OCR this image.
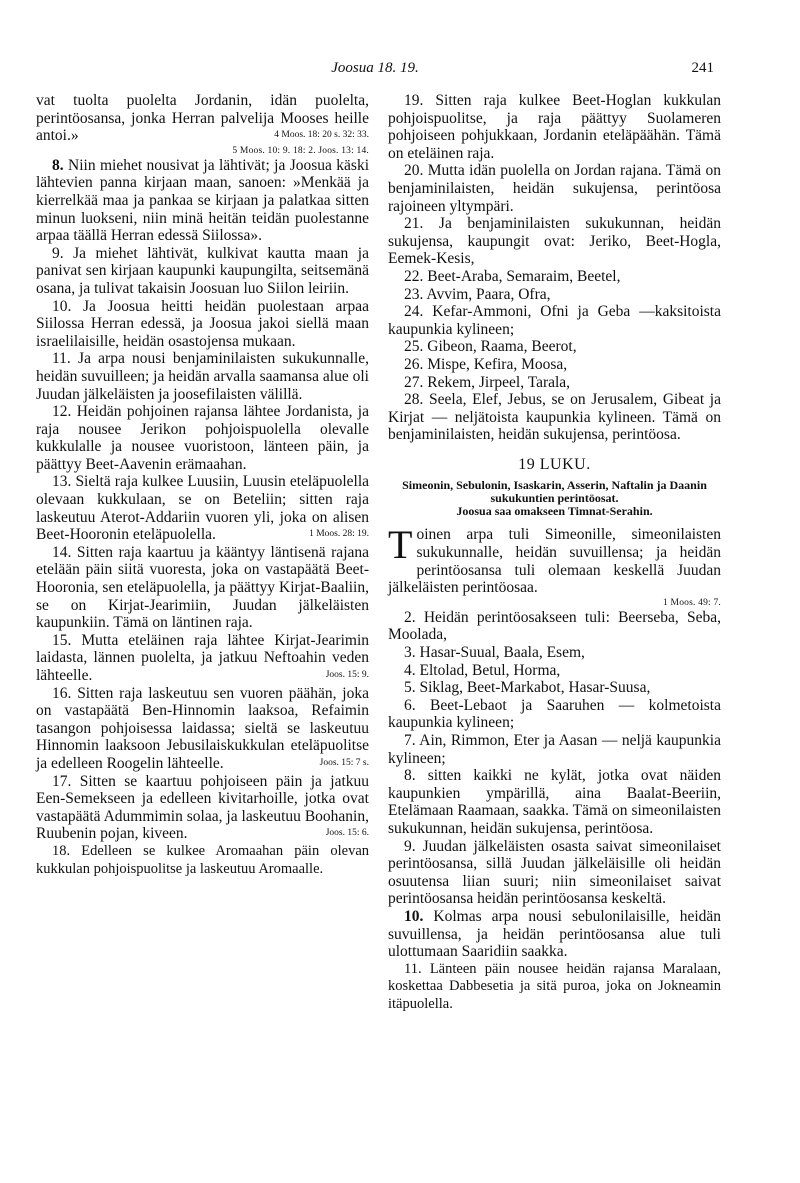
Joosua 18. 19.	241

vat tuolta puolelta Jordanin, idän puolelta, perintöosansa, jonka Herran palvelija Mooses heille antoi.»	4 Moos. 18: 20 s. 32: 33.

5 Moos. 10: 9. 18: 2. Joos. 13: 14.

8. Niin miehet nousivat ja lähtivät; ja Joosua käski lähtevien panna kirjaan maan, sanoen: »Menkää ja kierrelkää maa ja pankaa se kirjaan ja palatkaa sitten minun luokseni, niin minä heitän teidän puolestanne arpaa täällä Herran edessä Siilossa».

9. Ja miehet lähtivät, kulkivat kautta maan ja panivat sen kirjaan kaupunki kaupungilta, seitsemänä osana, ja tulivat takaisin Joosuan luo Siilon leiriin.

10. Ja Joosua heitti heidän puolestaan arpaa Siilossa Herran edessä, ja Joosua jakoi siellä maan israelilaisille, heidän osastojensa mukaan.

11. Ja arpa nousi benjaminilaisten sukukunnalle, heidän suvuilleen; ja heidän arvalla saamansa alue oli Juudan jälkeläisten ja joosefilaisten välillä.

12. Heidän pohjoinen rajansa lähtee Jordanista, ja raja nousee Jerikon pohjoispuolella olevalle kukkulalle ja nousee vuoristoon, länteen päin, ja päättyy Beet-Aavenin erämaahan.

13. Sieltä raja kulkee Luusiin, Luusin eteläpuolella olevaan kukkulaan, se on Beteliin; sitten raja laskeutuu Aterot-Addariin vuoren yli, joka on alisen Beet-Hooronin eteläpuolella.	1 Moos. 28: 19.

14. Sitten raja kaartuu ja kääntyy läntisenä rajana etelään päin siitä vuoresta, joka on vastapäätä Beet-Hooronia, sen eteläpuolella, ja päättyy Kirjat-Baaliin, se on Kirjat-Jearimiin, Juudan jälkeläisten kaupunkiin. Tämä on läntinen raja.

15. Mutta eteläinen raja lähtee Kirjat-Jearimin laidasta, lännen puolelta, ja jatkuu Neftoahin veden lähteelle.	Joos. 15: 9.

16. Sitten raja laskeutuu sen vuoren päähän, joka on vastapäätä Ben-Hinnomin laaksoa, Refaimin tasangon pohjoisessa laidassa; sieltä se laskeutuu Hinnomin laaksoon Jebusilaiskukkulan eteläpuolitse ja edelleen Roogelin lähteelle.	Joos. 15: 7 s.

17. Sitten se kaartuu pohjoiseen päin ja jatkuu Een-Semekseen ja edelleen kivitarhoille, jotka ovat vastapäätä Adummimin solaa, ja laskeutuu Boohanin, Ruubenin pojan, kiveen.	Joos. 15: 6.

18. Edelleen se kulkee Aromaahan päin olevan kukkulan pohjoispuolitse ja laskeutuu Aromaalle.

19. Sitten raja kulkee Beet-Hoglan kukkulan pohjoispuolitse, ja raja päättyy Suolameren pohjoiseen pohjukkaan, Jordanin eteläpäähän. Tämä on eteläinen raja.

20. Mutta idän puolella on Jordan rajana. Tämä on benjaminilaisten, heidän sukujensa, perintöosa rajoineen yltympäri.

21. Ja benjaminilaisten sukukunnan, heidän sukujensa, kaupungit ovat: Jeriko, Beet-Hogla, Eemek-Kesis,

22. Beet-Araba, Semaraim, Beetel,

23. Avvim, Paara, Ofra,

24. Kefar-Ammoni, Ofni ja Geba —kaksitoista kaupunkia kylineen;

25. Gibeon, Raama, Beerot,

26. Mispe, Kefira, Moosa,

27. Rekem, Jirpeel, Tarala,

28. Seela, Elef, Jebus, se on Jerusalem, Gibeat ja Kirjat — neljätoista kaupunkia kylineen. Tämä on benjaminilaisten, heidän sukujensa, perintöosa.

19 LUKU.
Simeonin, Sebulonin, Isaskarin, Asserin, Naftalin ja Daanin sukukuntien perintöosat.
Joosua saa omakseen Timnat-Serahin.

Toinen arpa tuli Simeonille, simeonilaisten sukukunnalle, heidän suvuillensa; ja heidän perintöosansa tuli olemaan keskellä Juudan jälkeläisten perintöosaa.

1 Moos. 49: 7.

2. Heidän perintöosakseen tuli: Beerseba, Seba, Moolada,

3. Hasar-Suual, Baala, Esem,

4. Eltolad, Betul, Horma,

5. Siklag, Beet-Markabot, Hasar-Suusa,

6. Beet-Lebaot ja Saaruhen — kolmetoista kaupunkia kylineen;

7. Ain, Rimmon, Eter ja Aasan — neljä kaupunkia kylineen;

8. sitten kaikki ne kylät, jotka ovat näiden kaupunkien ympärillä, aina Baalat-Beeriin, Etelämaan Raamaan, saakka. Tämä on simeonilaisten sukukunnan, heidän sukujensa, perintöosa.

9. Juudan jälkeläisten osasta saivat simeonilaiset perintöosansa, sillä Juudan jälkeläisille oli heidän osuutensa liian suuri; niin simeonilaiset saivat perintöosansa heidän perintöosansa keskeltä.

10. Kolmas arpa nousi sebulonilaisille, heidän suvuillensa, ja heidän perintöosansa alue tuli ulottumaan Saaridiin saakka.

11. Länteen päin nousee heidän rajansa Maralaan, koskettaa Dabbesetia ja sitä puroa, joka on Jokneamin itäpuolella.
